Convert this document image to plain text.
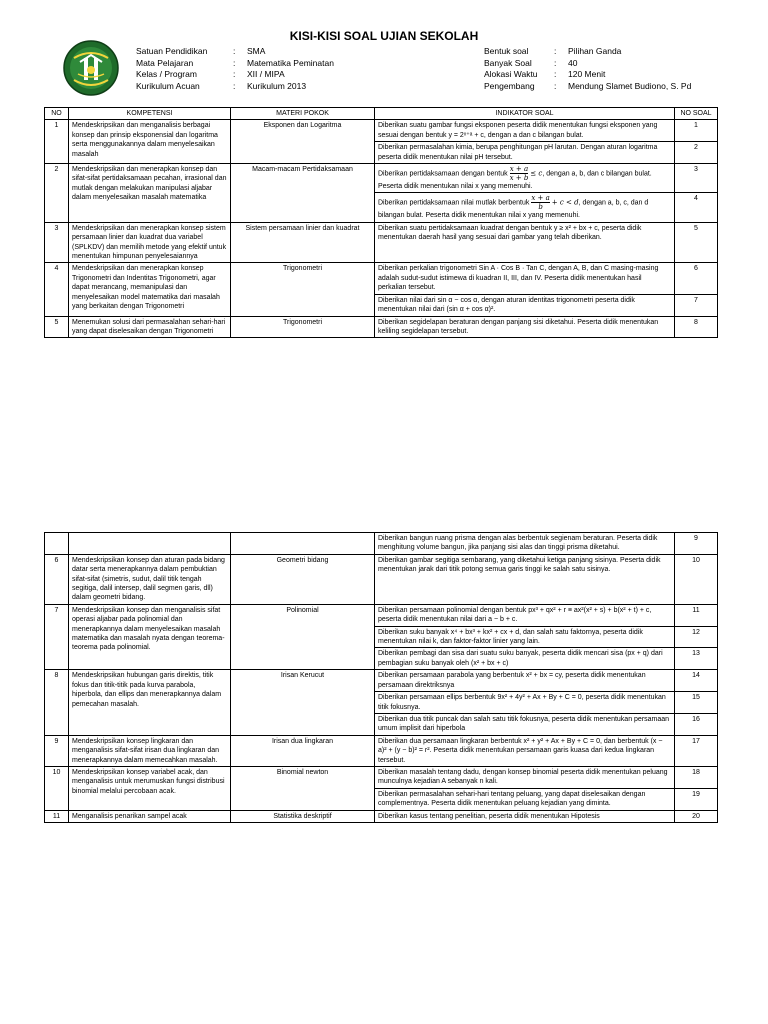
KISI-KISI SOAL UJIAN SEKOLAH
Satuan Pendidikan	:	SMA
Mata Pelajaran	:	Matematika Peminatan
Kelas / Program	:	XII / MIPA
Kurikulum Acuan	:	Kurikulum 2013
Bentuk soal	:	Pilihan Ganda
Banyak Soal	:	40
Alokasi Waktu	:	120 Menit
Pengembang	:	Mendung Slamet Budiono, S. Pd
NO	KOMPETENSI	MATERI POKOK	INDIKATOR SOAL	NO SOAL
1	Mendeskripsikan dan menganalisis berbagai konsep dan prinsip eksponensial dan logaritma serta menggunakannya dalam menyelesaikan masalah	Eksponen dan Logaritma	Diberikan suatu gambar fungsi eksponen peserta didik menentukan fungsi eksponen yang sesuai dengan bentuk y = 2ˣ⁺ᵃ + c, dengan a dan c bilangan bulat.	1
			Diberikan permasalahan kimia, berupa penghitungan pH larutan. Dengan aturan logaritma peserta didik menentukan nilai pH tersebut.	2
2	Mendeskripsikan dan menerapkan konsep dan sifat-sifat pertidaksamaan pecahan, irrasional dan mutlak dengan melakukan manipulasi aljabar dalam menyelesaikan masalah matematika	Macam-macam Pertidaksamaan	Diberikan pertidaksamaan dengan bentuk $\frac{x + a}{x + b} \le c$, dengan a, b, dan c bilangan bulat. Peserta didik menentukan nilai x yang memenuhi.	3
			Diberikan pertidaksamaan nilai mutlak berbentuk $\frac{x + a}{b} + c < d$, dengan a, b, c, dan d bilangan bulat. Peserta didik menentukan nilai x yang memenuhi.	4
3	Mendeskripsikan dan menerapkan konsep sistem persamaan linier dan kuadrat dua variabel (SPLKDV) dan memilih metode yang efektif untuk menentukan himpunan penyelesaiannya	Sistem persamaan linier dan kuadrat	Diberikan suatu pertidaksamaan kuadrat dengan bentuk y ≥ x² + bx + c, peserta didik menentukan daerah hasil yang sesuai dari gambar yang telah diberikan.	5
4	Mendeskripsikan dan menerapkan konsep Trigonometri dan Indentitas Trigonometri, agar dapat merancang, memanipulasi dan menyelesaikan model matematika dari masalah yang berkaitan dengan Trigonometri	Trigonometri	Diberikan perkalian trigonometri Sin A · Cos B · Tan C, dengan A, B, dan C masing-masing adalah sudut-sudut istimewa di kuadran II, III, dan IV. Peserta didik menentukan hasil perkalian tersebut.	6
			Diberikan nilai dari sin α − cos α, dengan aturan identitas trigonometri peserta didik menentukan nilai dari (sin α + cos α)².	7
5	Menemukan solusi dari permasalahan sehari-hari yang dapat diselesaikan dengan Trigonometri	Trigonometri	Diberikan segidelapan beraturan dengan panjang sisi diketahui. Peserta didik menentukan keliling segidelapan tersebut.	8
			Diberikan bangun ruang prisma dengan alas berbentuk segienam beraturan. Peserta didik menghitung volume bangun, jika panjang sisi alas dan tinggi prisma diketahui.	9
6	Mendeskripsikan konsep dan aturan pada bidang datar serta menerapkannya dalam pembuktian sifat-sifat (simetris, sudut, dalil titik tengah segitiga, dalil intersep, dalil segmen garis, dll) dalam geometri bidang.	Geometri bidang	Diberikan gambar segitiga sembarang, yang diketahui ketiga panjang sisinya. Peserta didik menentukan jarak dari titik potong semua garis tinggi ke salah satu sisinya.	10
7	Mendeskripsikan konsep dan menganalisis sifat operasi aljabar pada polinomial dan menerapkannya dalam menyelesaikan masalah matematika dan masalah nyata dengan teorema-teorema pada polinomial.	Polinomial	Diberikan persamaan polinomial dengan bentuk px³ + qx² + r ≡ ax²(x² + s) + b(x² + t) + c, peserta didik menentukan nilai dari a − b + c.	11
			Diberikan suku banyak x⁴ + bx³ + kx² + cx + d, dan salah satu faktornya, peserta didik menentukan nilai k, dan faktor-faktor linier yang lain.	12
			Diberikan pembagi dan sisa dari suatu suku banyak, peserta didik mencari sisa (px + q) dari pembagian suku banyak oleh (x² + bx + c)	13
8	Mendeskripsikan hubungan garis direktis, titik fokus dan titik-titik pada kurva parabola, hiperbola, dan ellips dan menerapkannya dalam pemecahan masalah.	Irisan Kerucut	Diberikan persamaan parabola yang berbentuk x² + bx = cy, peserta didik menentukan persamaan direktriksnya	14
			Diberikan persamaan ellips berbentuk 9x² + 4y² + Ax + By + C = 0, peserta didik menentukan titik fokusnya.	15
			Diberikan dua titik puncak dan salah satu titik fokusnya, peserta didik menentukan persamaan umum implisit dari hiperbola	16
9	Mendeskripsikan konsep lingkaran dan menganalisis sifat-sifat irisan dua lingkaran dan menerapkannya dalam memecahkan masalah.	Irisan dua lingkaran	Diberikan dua persamaan lingkaran berbentuk x² + y² + Ax + By + C = 0, dan berbentuk (x − a)² + (y − b)² = r². Peserta didik menentukan persamaan garis kuasa dari kedua lingkaran tersebut.	17
10	Mendeskripsikan konsep variabel acak, dan menganalisis untuk merumuskan fungsi distribusi binomial melalui percobaan acak.	Binomial newton	Diberikan masalah tentang dadu, dengan konsep binomial peserta didik menentukan peluang munculnya kejadian A sebanyak n kali.	18
			Diberikan permasalahan sehari-hari tentang peluang, yang dapat diselesaikan dengan complementnya. Peserta didik menentukan peluang kejadian yang diminta.	19
11	Menganalisis penarikan sampel acak	Statistika deskriptif	Diberikan kasus tentang penelitian, peserta didik menentukan Hipotesis	20
